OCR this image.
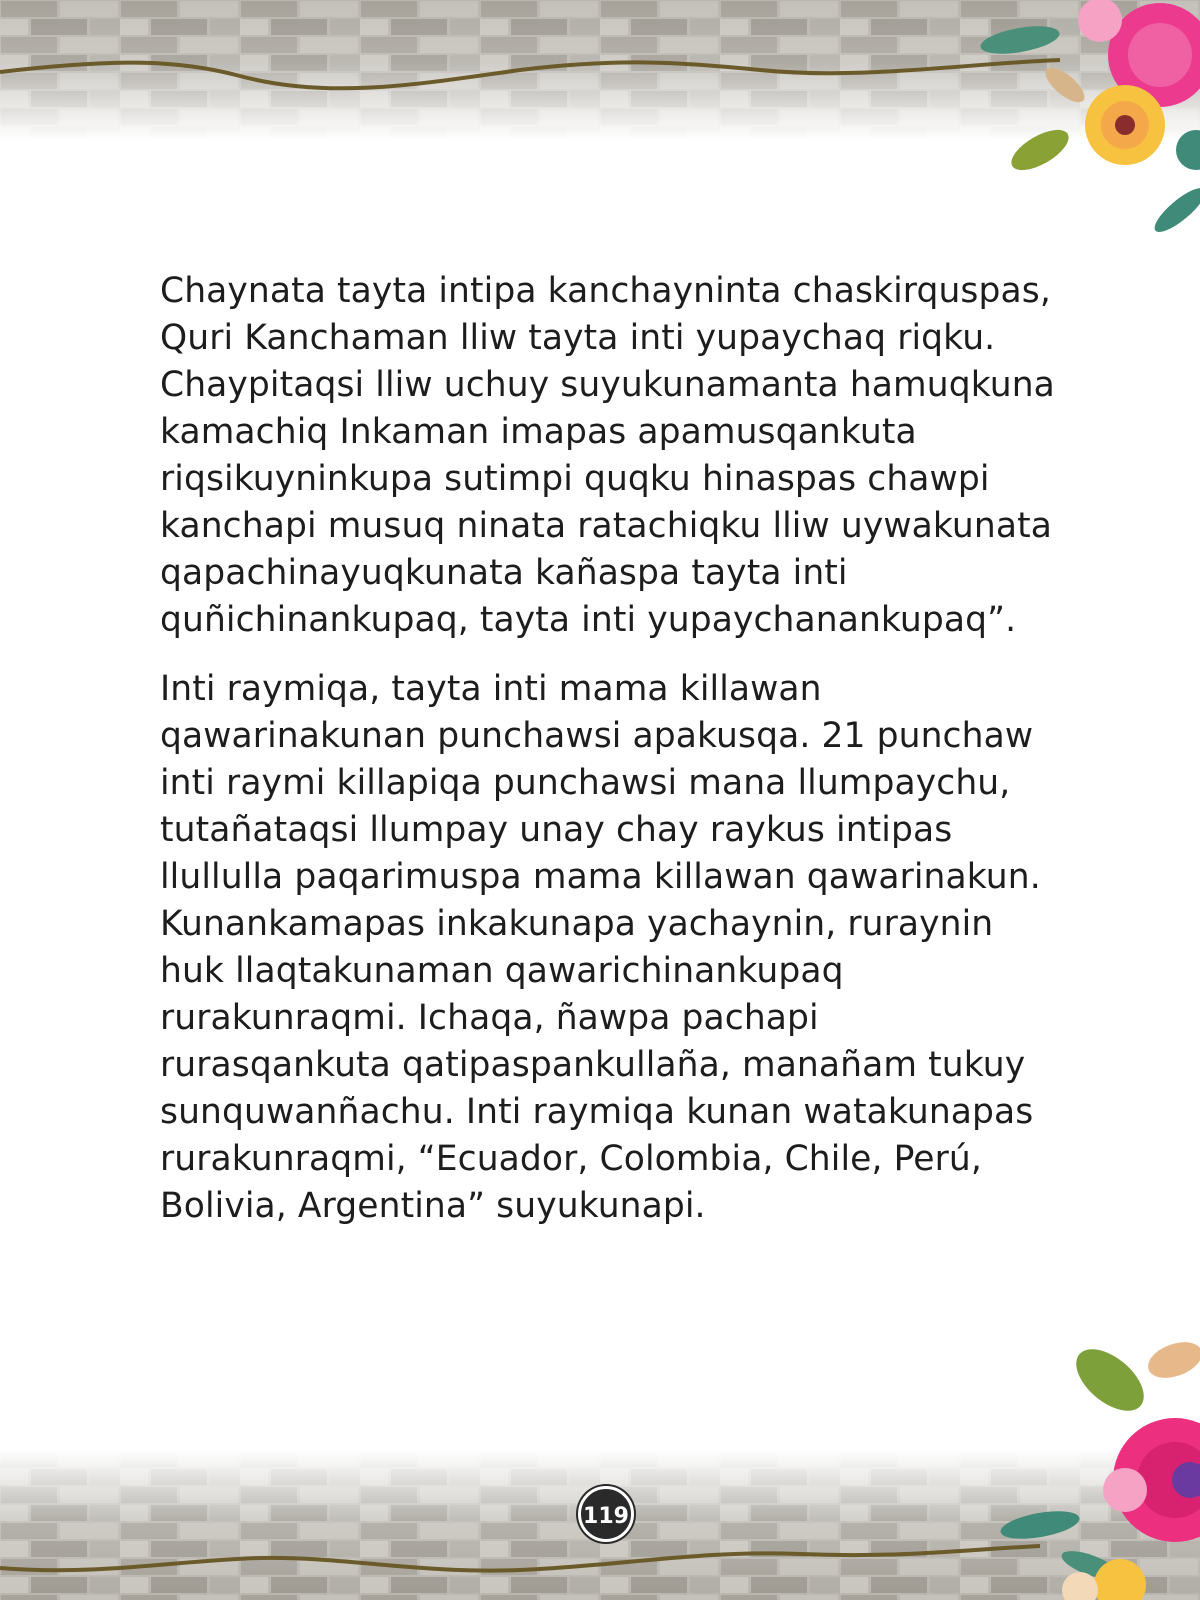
Chaynata tayta intipa kanchayninta chaskirquspas,
Quri Kanchaman lliw tayta inti yupaychaq riqku.
Chaypitaqsi lliw uchuy suyukunamanta hamuqkuna
kamachiq Inkaman imapas apamusqankuta
riqsikuyninkupa sutimpi quqku hinaspas chawpi
kanchapi musuq ninata ratachiqku lliw uywakunata
qapachinayuqkunata kañaspa tayta inti
quñichinankupaq, tayta inti yupaychanankupaq”.

Inti raymiqa, tayta inti mama killawan
qawarinakunan punchawsi apakusqa. 21 punchaw
inti raymi killapiqa punchawsi mana llumpaychu,
tutañataqsi llumpay unay chay raykus intipas
llullulla paqarimuspa mama killawan qawarinakun.
Kunankamapas inkakunapa yachaynin, ruraynin
huk llaqtakunaman qawarichinankupaq
rurakunraqmi. Ichaqa, ñawpa pachapi
rurasqankuta qatipaspankullaña, manañam tukuy
sunquwanñachu. Inti raymiqa kunan watakunapas
rurakunraqmi, “Ecuador, Colombia, Chile, Perú,
Bolivia, Argentina” suyukunapi.

119
